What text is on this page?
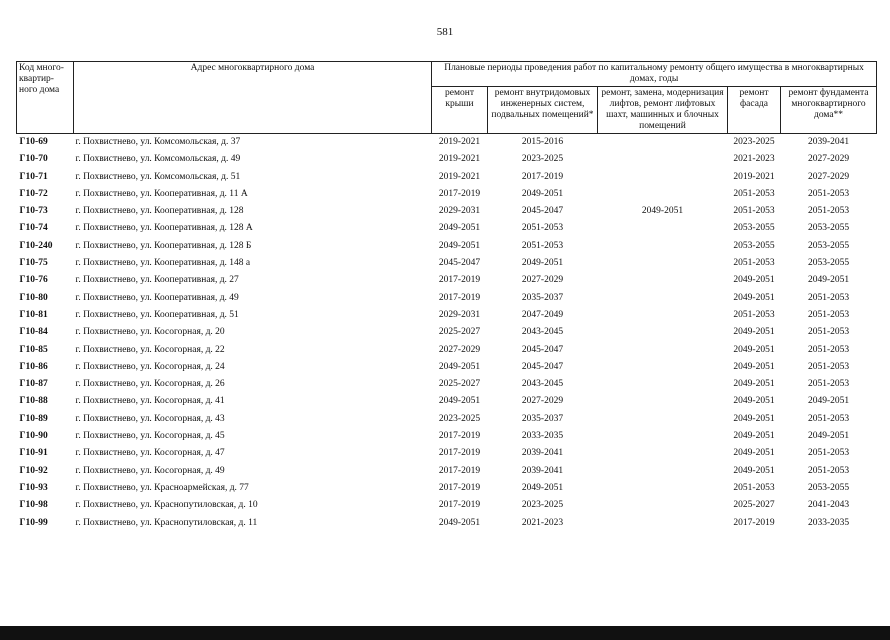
581
Код много-квартир-ного дома	Адрес многоквартирного дома	Плановые периоды проведения работ по капитальному ремонту общего имущества в многоквартирных домах, годы				
		ремонт крыши	ремонт внутридомовых инженерных систем, подвальных помещений*	ремонт, замена, модернизация лифтов, ремонт лифтовых шахт, машинных и блочных помещений	ремонт фасада	ремонт фундамента многоквартирного дома**
Г10-69	г. Похвистнево, ул. Комсомольская, д. 37	2019-2021	2015-2016		2023-2025	2039-2041
Г10-70	г. Похвистнево, ул. Комсомольская, д. 49	2019-2021	2023-2025		2021-2023	2027-2029
Г10-71	г. Похвистнево, ул. Комсомольская, д. 51	2019-2021	2017-2019		2019-2021	2027-2029
Г10-72	г. Похвистнево, ул. Кооперативная, д. 11 А	2017-2019	2049-2051		2051-2053	2051-2053
Г10-73	г. Похвистнево, ул. Кооперативная, д. 128	2029-2031	2045-2047	2049-2051	2051-2053	2051-2053
Г10-74	г. Похвистнево, ул. Кооперативная, д. 128 А	2049-2051	2051-2053		2053-2055	2053-2055
Г10-240	г. Похвистнево, ул. Кооперативная, д. 128 Б	2049-2051	2051-2053		2053-2055	2053-2055
Г10-75	г. Похвистнево, ул. Кооперативная, д. 148 а	2045-2047	2049-2051		2051-2053	2053-2055
Г10-76	г. Похвистнево, ул. Кооперативная, д. 27	2017-2019	2027-2029		2049-2051	2049-2051
Г10-80	г. Похвистнево, ул. Кооперативная, д. 49	2017-2019	2035-2037		2049-2051	2051-2053
Г10-81	г. Похвистнево, ул. Кооперативная, д. 51	2029-2031	2047-2049		2051-2053	2051-2053
Г10-84	г. Похвистнево, ул. Косогорная, д. 20	2025-2027	2043-2045		2049-2051	2051-2053
Г10-85	г. Похвистнево, ул. Косогорная, д. 22	2027-2029	2045-2047		2049-2051	2051-2053
Г10-86	г. Похвистнево, ул. Косогорная, д. 24	2049-2051	2045-2047		2049-2051	2051-2053
Г10-87	г. Похвистнево, ул. Косогорная, д. 26	2025-2027	2043-2045		2049-2051	2051-2053
Г10-88	г. Похвистнево, ул. Косогорная, д. 41	2049-2051	2027-2029		2049-2051	2049-2051
Г10-89	г. Похвистнево, ул. Косогорная, д. 43	2023-2025	2035-2037		2049-2051	2051-2053
Г10-90	г. Похвистнево, ул. Косогорная, д. 45	2017-2019	2033-2035		2049-2051	2049-2051
Г10-91	г. Похвистнево, ул. Косогорная, д. 47	2017-2019	2039-2041		2049-2051	2051-2053
Г10-92	г. Похвистнево, ул. Косогорная, д. 49	2017-2019	2039-2041		2049-2051	2051-2053
Г10-93	г. Похвистнево, ул. Красноармейская, д. 77	2017-2019	2049-2051		2051-2053	2053-2055
Г10-98	г. Похвистнево, ул. Краснопутиловская, д. 10	2017-2019	2023-2025		2025-2027	2041-2043
Г10-99	г. Похвистнево, ул. Краснопутиловская, д. 11	2049-2051	2021-2023		2017-2019	2033-2035
